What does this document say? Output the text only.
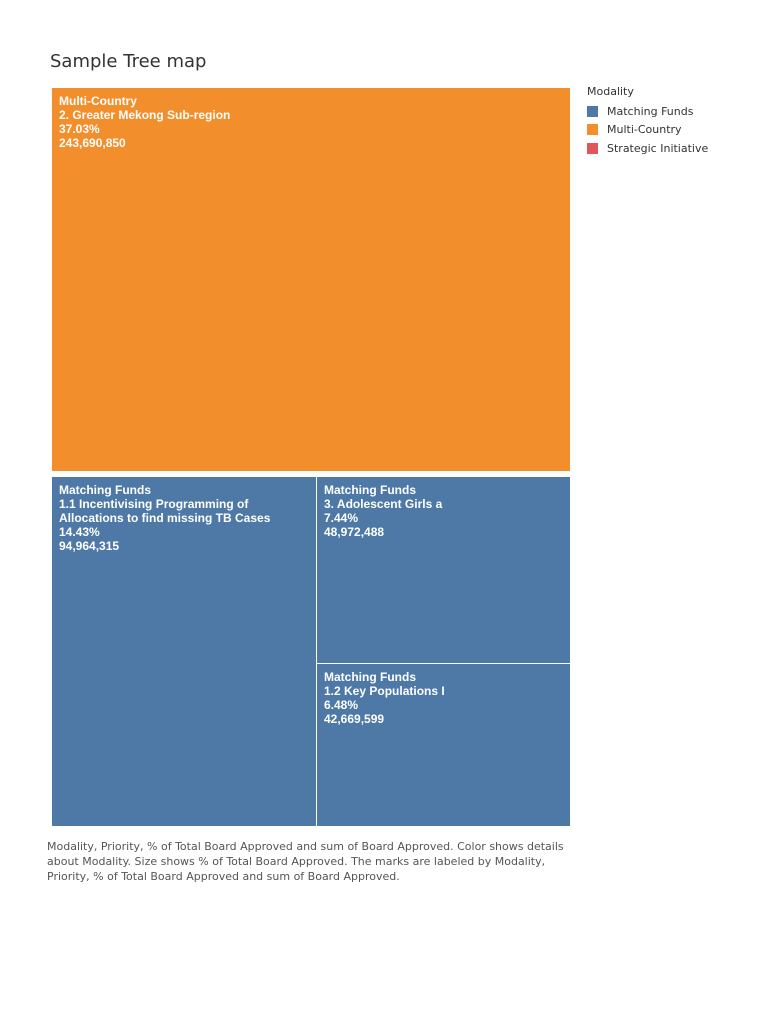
Sample Tree map
Multi-Country
2. Greater Mekong Sub-region
37.03%
243,690,850
Matching Funds
1.1 Incentivising Programming of Allocations to find missing TB Cases
14.43%
94,964,315
Matching Funds
3. Adolescent Girls a
7.44%
48,972,488
Matching Funds
1.2 Key Populations I
6.48%
42,669,599
Modality
Matching Funds
Multi-Country
Strategic Initiative
Modality, Priority, % of Total Board Approved and sum of Board Approved. Color shows details about Modality. Size shows % of Total Board Approved. The marks are labeled by Modality, Priority, % of Total Board Approved and sum of Board Approved.
